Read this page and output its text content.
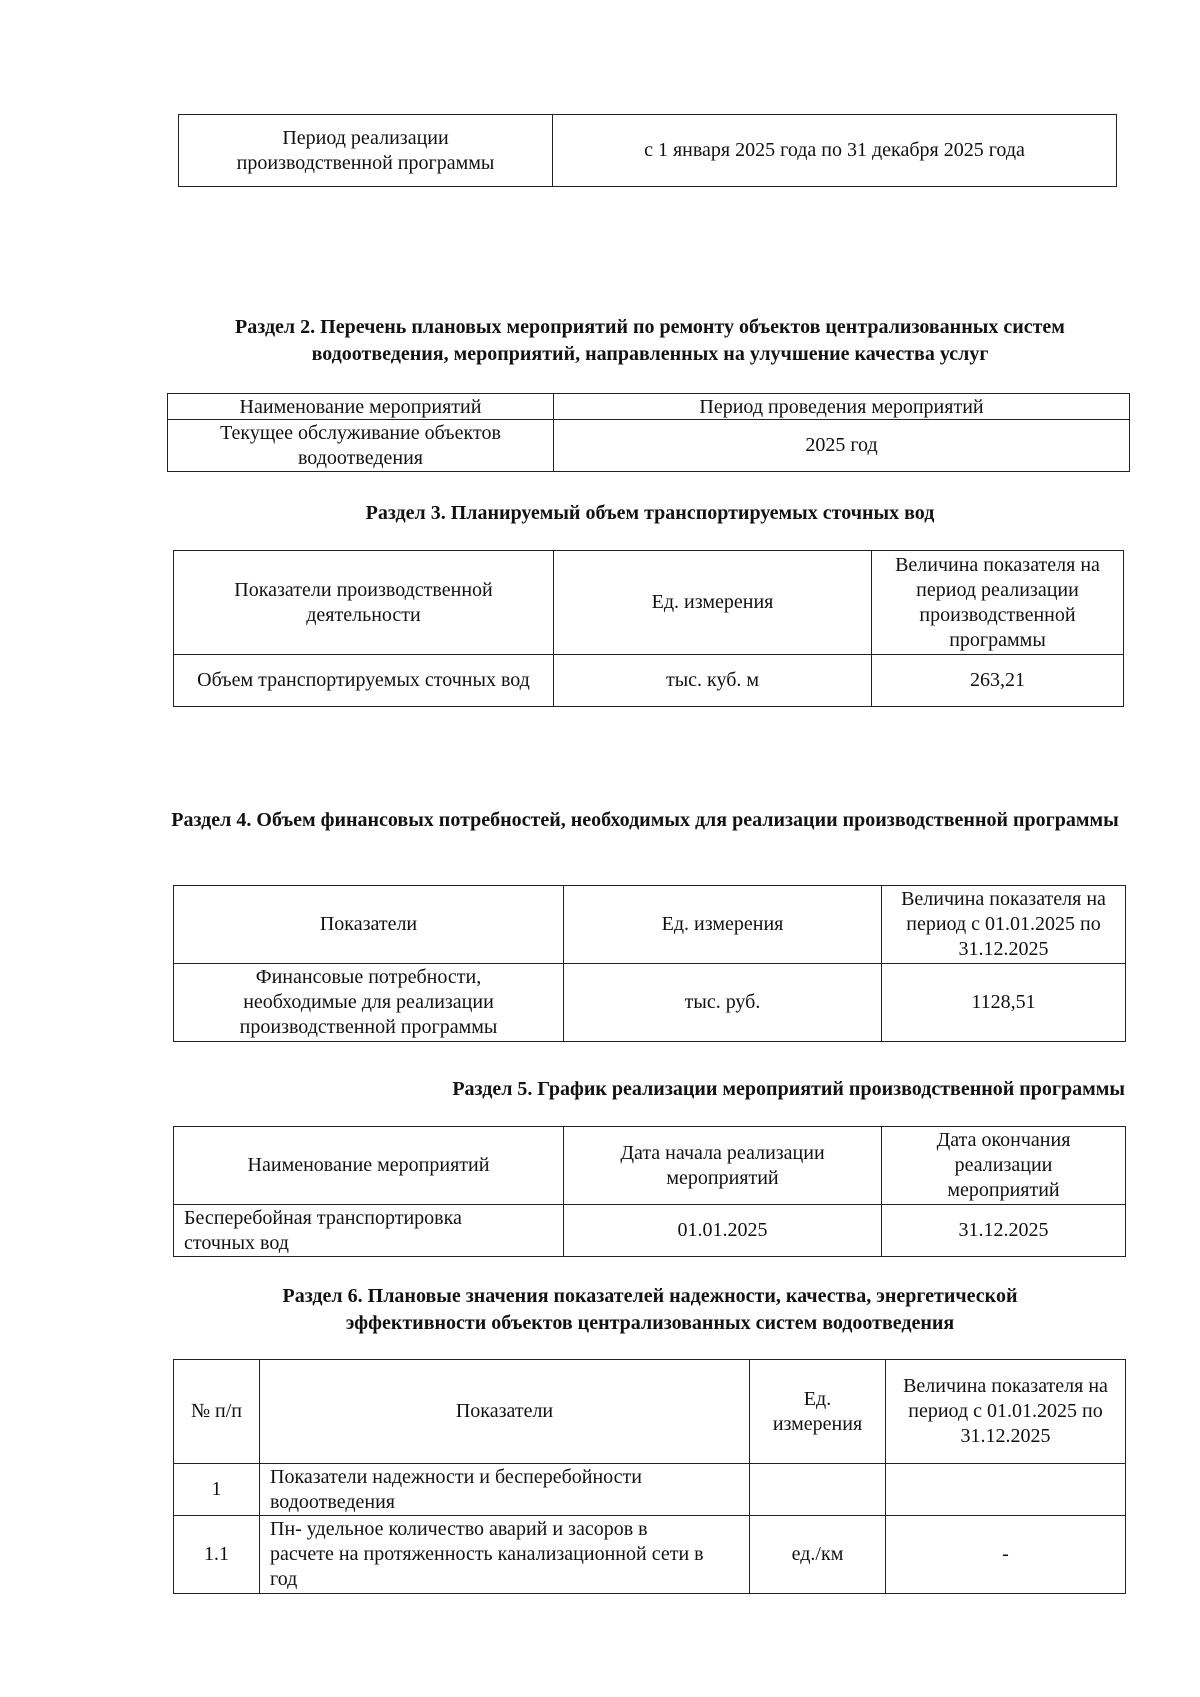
Период реализации производственной программы	с 1 января 2025 года по 31 декабря 2025 года
Раздел 2. Перечень плановых мероприятий по ремонту объектов централизованных систем водоотведения, мероприятий, направленных на улучшение качества услуг
Наименование мероприятий	Период проведения мероприятий
Текущее обслуживание объектов водоотведения	2025 год
Раздел 3. Планируемый объем транспортируемых сточных вод
Показатели производственной деятельности	Ед. измерения	Величина показателя на период реализации производственной программы
Объем транспортируемых сточных вод	тыс. куб. м	263,21
Раздел 4. Объем финансовых потребностей, необходимых для реализации производственной программы
Показатели	Ед. измерения	Величина показателя на период с 01.01.2025 по 31.12.2025
Финансовые потребности, необходимые для реализации производственной программы	тыс. руб.	1128,51
Раздел 5. График реализации мероприятий производственной программы
Наименование мероприятий	Дата начала реализации мероприятий	Дата окончания реализации мероприятий
Бесперебойная транспортировка сточных вод	01.01.2025	31.12.2025
Раздел 6. Плановые значения показателей надежности, качества, энергетической эффективности объектов централизованных систем водоотведения
№ п/п	Показатели	Ед. измерения	Величина показателя на период с 01.01.2025 по 31.12.2025
1	Показатели надежности и бесперебойности водоотведения		
1.1	Пн- удельное количество аварий и засоров в расчете на протяженность канализационной сети в год	ед./км	-
